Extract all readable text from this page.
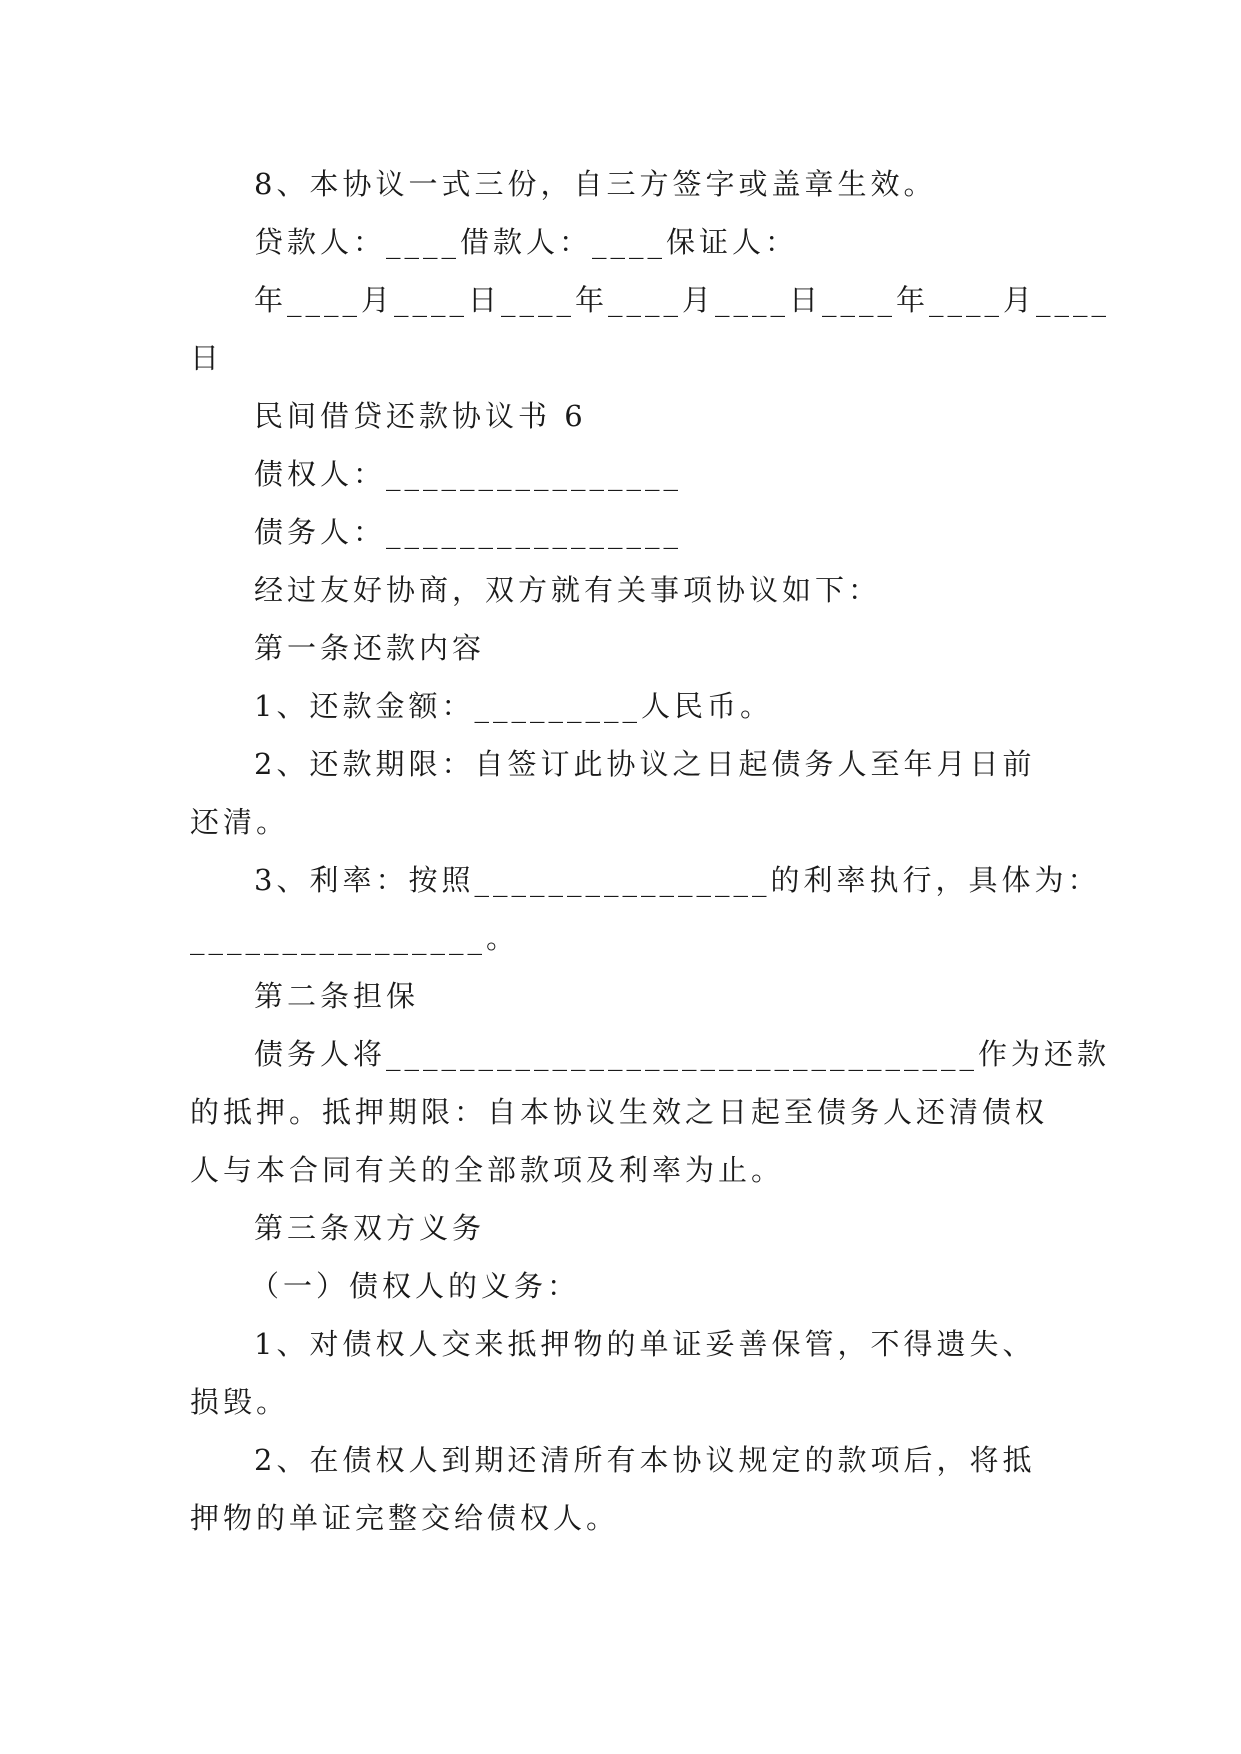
8、本协议一式三份，自三方签字或盖章生效。
贷款人：____借款人：____保证人：
年____月____日____年____月____日____年____月____
日
民间借贷还款协议书 6
债权人：________________
债务人：________________
经过友好协商，双方就有关事项协议如下：
第一条还款内容
1、还款金额：_________人民币。
2、还款期限：自签订此协议之日起债务人至年月日前
还清。
3、利率：按照________________的利率执行，具体为：
________________。
第二条担保
债务人将________________________________作为还款
的抵押。抵押期限：自本协议生效之日起至债务人还清债权
人与本合同有关的全部款项及利率为止。
第三条双方义务
（一）债权人的义务：
1、对债权人交来抵押物的单证妥善保管，不得遗失、
损毁。
2、在债权人到期还清所有本协议规定的款项后，将抵
押物的单证完整交给债权人。
